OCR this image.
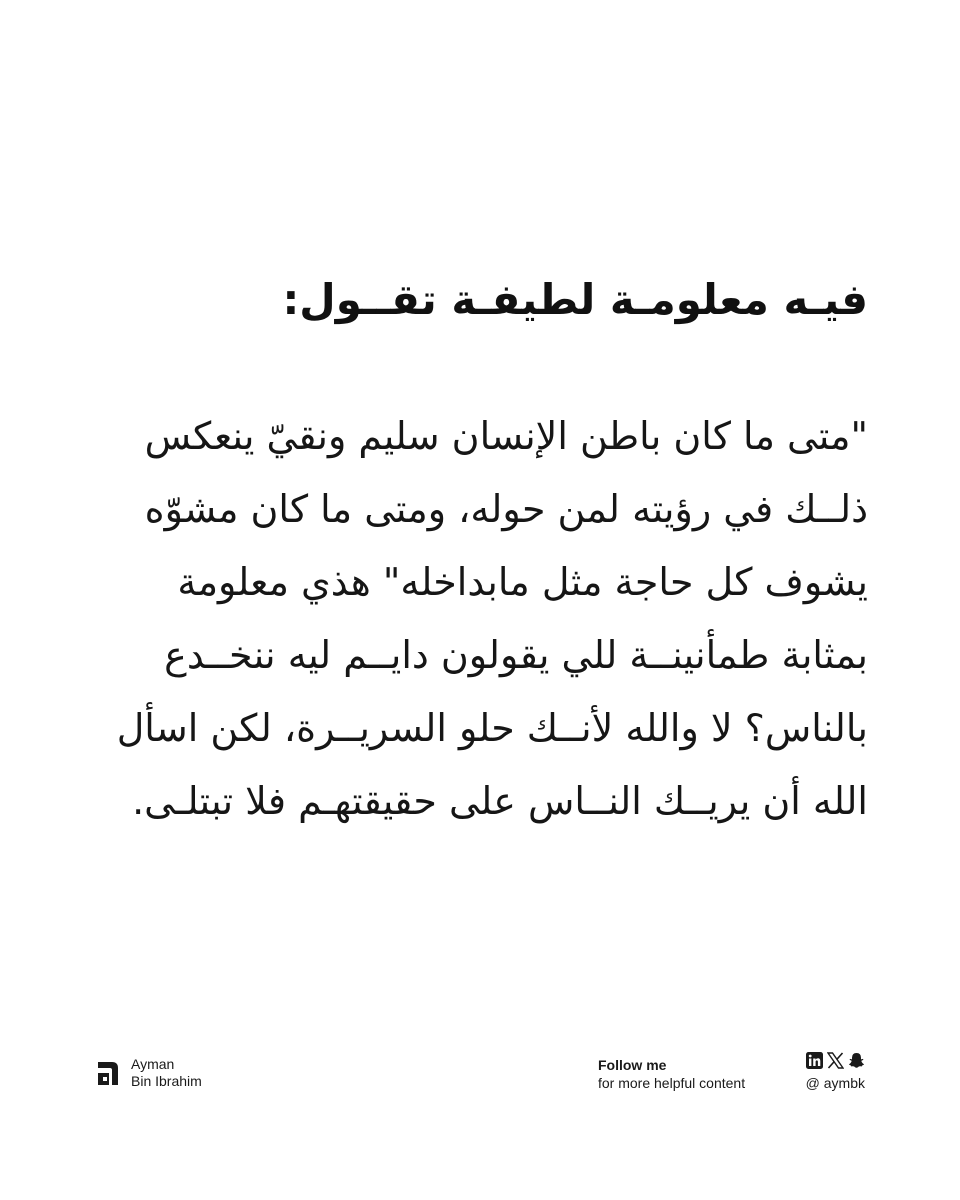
فيـه معلومـة لطيفـة تقــول:
"متى ما كان باطن الإنسان سليم ونقيّ ينعكس
ذلــك في رؤيته لمن حوله، ومتى ما كان مشوّه
يشوف كل حاجة مثل مابداخله" هذي معلومة
بمثابة طمأنينــة للي يقولون دايــم ليه ننخــدع
بالناس؟ لا والله لأنــك حلو السريــرة، لكن اسأل
الله أن يريــك النــاس على حقيقتهـم فلا تبتلـى.
Ayman
Bin Ibrahim
Follow me
for more helpful content	@ aymbk
